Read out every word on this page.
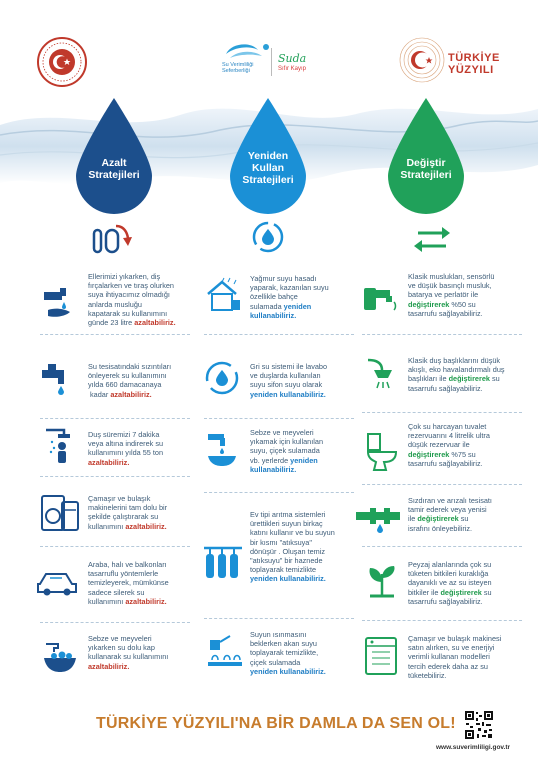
Su Verimliliği
Seferberliği
Suda
Sıfır Kayıp
TÜRKİYE
YÜZYILI
Azalt
Stratejileri
Yeniden
Kullan
Stratejileri
Değiştir
Stratejileri
Ellerimizi yıkarken, diş
fırçalarken ve tıraş olurken
suya ihtiyacımız olmadığı
anlarda musluğu
kapatarak su kullanımını
günde 23 litre azaltabiliriz.
Su tesisatındaki sızıntıları
önleyerek su kullanımını
yılda 660 damacanaya
kadar azaltabiliriz.
Duş süremizi 7 dakika
veya altına indirerek su
kullanımını yılda 55 ton
azaltabiliriz.
Çamaşır ve bulaşık
makinelerini tam dolu bir
şekilde çalıştırarak su
kullanımını azaltabiliriz.
Araba, halı ve balkonları
tasarruflu yöntemlerle
temizleyerek, mümkünse
sadece silerek su
kullanımını azaltabiliriz.
Sebze ve meyveleri
yıkarken su dolu kap
kullanarak su kullanımını
azaltabiliriz.
Yağmur suyu hasadı
yaparak, kazanılan suyu
özellikle bahçe
sulamada yeniden
kullanabiliriz.
Gri su sistemi ile lavabo
ve duşlarda kullanılan
suyu sifon suyu olarak
yeniden kullanabiliriz.
Sebze ve meyveleri
yıkamak için kullanılan
suyu, çiçek sulamada
vb. yerlerde yeniden
kullanabiliriz.
Ev tipi arıtma sistemleri
ürettikleri suyun birkaç
katını kullanır ve bu suyun
bir kısmı "atıksuya"
dönüşür . Oluşan temiz
"atıksuyu" bir haznede
toplayarak temizlikte
yeniden kullanabiliriz.
Suyun ısınmasını
beklerken akan suyu
toplayarak temizlikte,
çiçek sulamada
yeniden kullanabiliriz.
Klasik muslukları, sensörlü
ve düşük basınçlı musluk,
batarya ve perlatör ile
değiştirerek %50 su
tasarrufu sağlayabiliriz.
Klasik duş başlıklarını düşük
akışlı, eko havalandırmalı duş
başlıkları ile değiştirerek su
tasarrufu sağlayabiliriz.
Çok su harcayan tuvalet
rezervuarını 4 litrelik ultra
düşük rezervuar ile
değiştirerek %75 su
tasarrufu sağlayabiliriz.
Sızdıran ve arızalı tesisatı
tamir ederek veya yenisi
ile değiştirerek su
israfını önleyebiliriz.
Peyzaj alanlarında çok su
tüketen bitkileri kuraklığa
dayanıklı ve az su isteyen
bitkiler ile değiştirerek su
tasarrufu sağlayabiliriz.
Çamaşır ve bulaşık makinesi
satın alırken, su ve enerjiyi
verimli kullanan modelleri
tercih ederek daha az su
tüketebiliriz.
TÜRKİYE YÜZYILI'NA BİR DAMLA DA SEN OL!
www.suverimliligi.gov.tr
